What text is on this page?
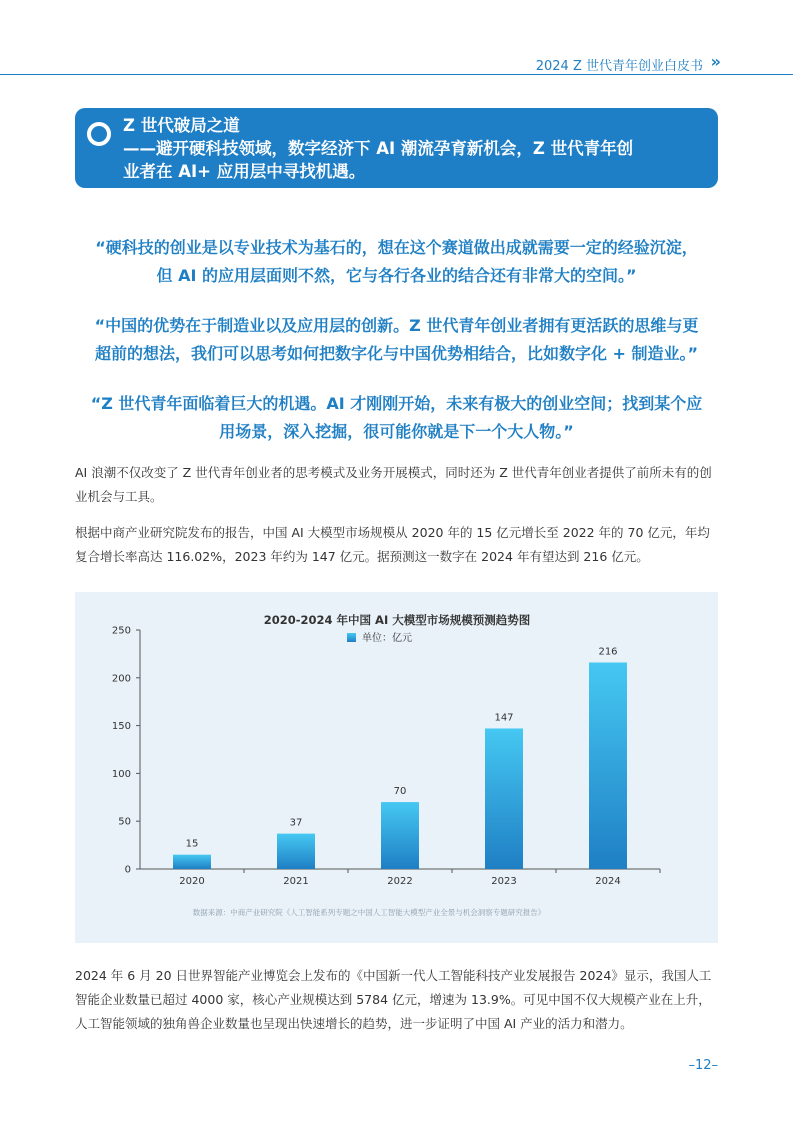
2024 Z 世代青年创业白皮书 »
Z 世代破局之道
——避开硬科技领域，数字经济下 AI 潮流孕育新机会，Z 世代青年创
业者在 AI+ 应用层中寻找机遇。
“硬科技的创业是以专业技术为基石的，想在这个赛道做出成就需要一定的经验沉淀，
但 AI 的应用层面则不然，它与各行各业的结合还有非常大的空间。”
“中国的优势在于制造业以及应用层的创新。Z 世代青年创业者拥有更活跃的思维与更
超前的想法，我们可以思考如何把数字化与中国优势相结合，比如数字化 + 制造业。”
“Z 世代青年面临着巨大的机遇。AI 才刚刚开始，未来有极大的创业空间；找到某个应
用场景，深入挖掘，很可能你就是下一个大人物。”
AI 浪潮不仅改变了 Z 世代青年创业者的思考模式及业务开展模式，同时还为 Z 世代青年创业者提供了前所未有的创业机会与工具。
根据中商产业研究院发布的报告，中国 AI 大模型市场规模从 2020 年的 15 亿元增长至 2022 年的 70 亿元，年均复合增长率高达 116.02%，2023 年约为 147 亿元。据预测这一数字在 2024 年有望达到 216 亿元。
2020-2024 年中国 AI 大模型市场规模预测趋势图
单位：亿元
0
50
100
150
200
250
15
2020
37
2021
70
2022
147
2023
216
2024
数据来源：中商产业研究院《人工智能系列专题之中国人工智能大模型产业全景与机会洞察专题研究报告》
2024 年 6 月 20 日世界智能产业博览会上发布的《中国新一代人工智能科技产业发展报告 2024》显示，我国人工智能企业数量已超过 4000 家，核心产业规模达到 5784 亿元，增速为 13.9%。可见中国不仅大规模产业在上升，人工智能领域的独角兽企业数量也呈现出快速增长的趋势，进一步证明了中国 AI 产业的活力和潜力。
–12–
